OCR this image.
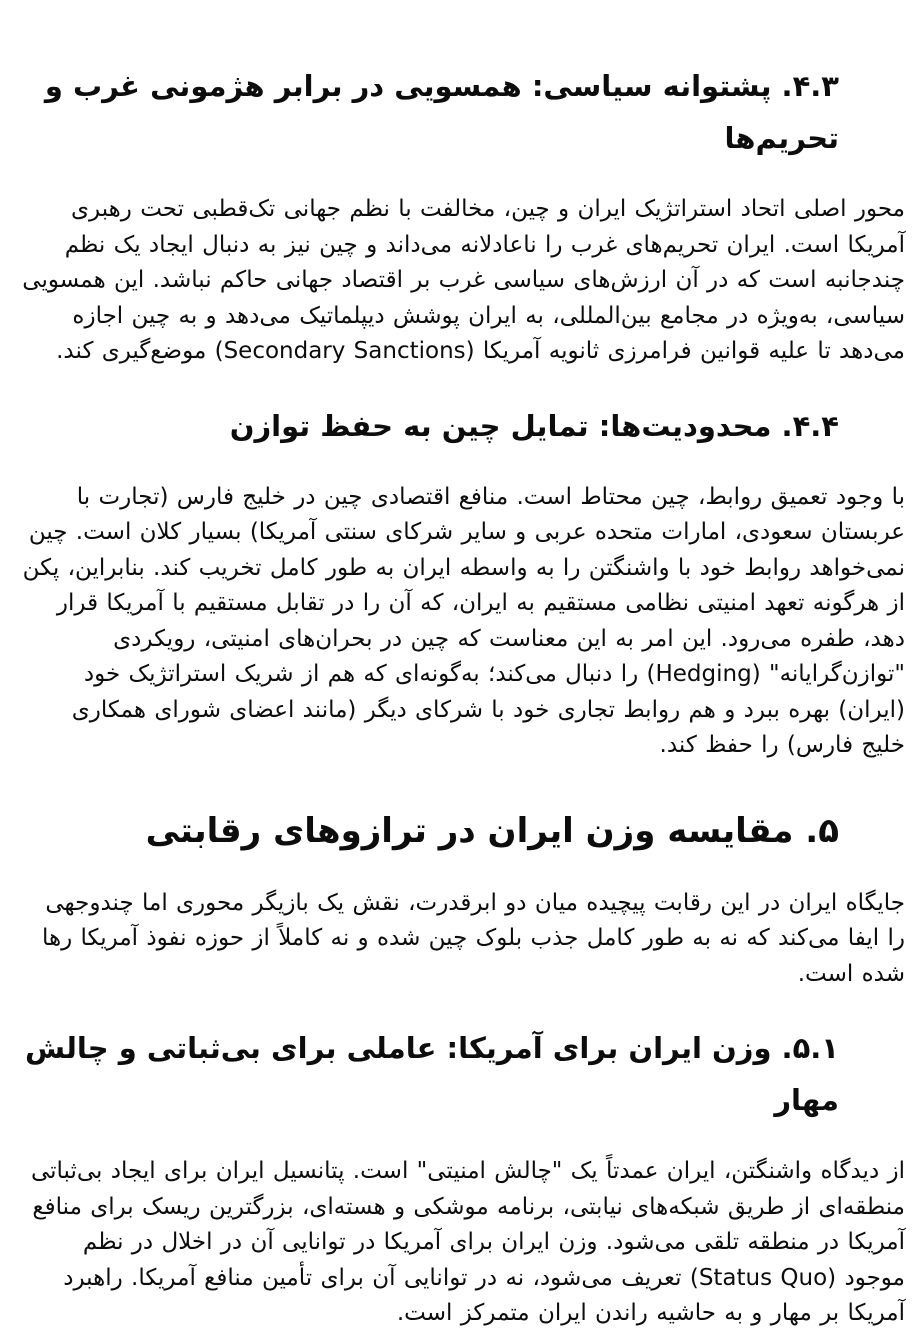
۴.۳. پشتوانه سیاسی: همسویی در برابر هژمونی غرب و تحریم‌ها

محور اصلی اتحاد استراتژیک ایران و چین، مخالفت با نظم جهانی تک‌قطبی تحت رهبری آمریکا است. ایران تحریم‌های غرب را ناعادلانه می‌داند و چین نیز به دنبال ایجاد یک نظم چندجانبه است که در آن ارزش‌های سیاسی غرب بر اقتصاد جهانی حاکم نباشد. این همسویی سیاسی، به‌ویژه در مجامع بین‌المللی، به ایران پوشش دیپلماتیک می‌دهد و به چین اجازه می‌دهد تا علیه قوانین فرامرزی ثانویه آمریکا (Secondary Sanctions) موضع‌گیری کند.

۴.۴. محدودیت‌ها: تمایل چین به حفظ توازن

با وجود تعمیق روابط، چین محتاط است. منافع اقتصادی چین در خلیج فارس (تجارت با عربستان سعودی، امارات متحده عربی و سایر شرکای سنتی آمریکا) بسیار کلان است. چین نمی‌خواهد روابط خود با واشنگتن را به واسطه ایران به طور کامل تخریب کند. بنابراین، پکن از هرگونه تعهد امنیتی نظامی مستقیم به ایران، که آن را در تقابل مستقیم با آمریکا قرار دهد، طفره می‌رود. این امر به این معناست که چین در بحران‌های امنیتی، رویکردی "توازن‌گرایانه" (Hedging) را دنبال می‌کند؛ به‌گونه‌ای که هم از شریک استراتژیک خود (ایران) بهره ببرد و هم روابط تجاری خود با شرکای دیگر (مانند اعضای شورای همکاری خلیج فارس) را حفظ کند.

۵. مقایسه وزن ایران در ترازوهای رقابتی

جایگاه ایران در این رقابت پیچیده میان دو ابرقدرت، نقش یک بازیگر محوری اما چندوجهی را ایفا می‌کند که نه به طور کامل جذب بلوک چین شده و نه کاملاً از حوزه نفوذ آمریکا رها شده است.

۵.۱. وزن ایران برای آمریکا: عاملی برای بی‌ثباتی و چالش مهار

از دیدگاه واشنگتن، ایران عمدتاً یک "چالش امنیتی" است. پتانسیل ایران برای ایجاد بی‌ثباتی منطقه‌ای از طریق شبکه‌های نیابتی، برنامه موشکی و هسته‌ای، بزرگترین ریسک برای منافع آمریکا در منطقه تلقی می‌شود. وزن ایران برای آمریکا در توانایی آن در اخلال در نظم موجود (Status Quo) تعریف می‌شود، نه در توانایی آن برای تأمین منافع آمریکا. راهبرد آمریکا بر مهار و به حاشیه راندن ایران متمرکز است.
